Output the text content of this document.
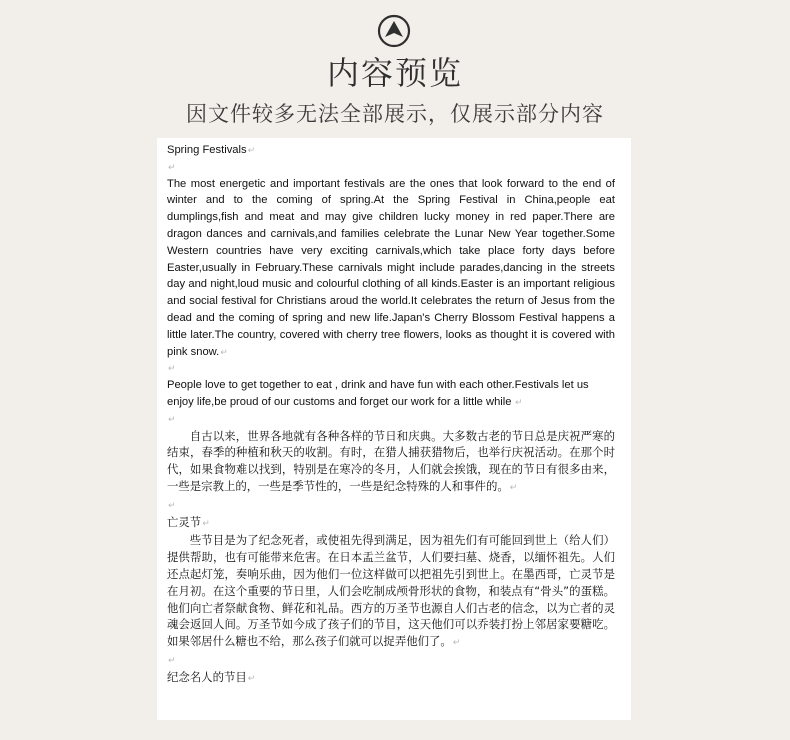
内容预览
因文件较多无法全部展示，仅展示部分内容

Spring Festivals↵

↵

The most energetic and important festivals are the ones that look forward to the end of winter and to the coming of spring.At the Spring Festival in China,people eat dumplings,fish and meat and may give children lucky money in red paper.There are dragon dances and carnivals,and families celebrate the Lunar New Year together.Some Western countries have very exciting carnivals,which take place forty days before Easter,usually in February.These carnivals might include parades,dancing in the streets day and night,loud music and colourful clothing of all kinds.Easter is an important religious and social festival for Christians aroud the world.It celebrates the return of Jesus from the dead and the coming of spring and new life.Japan's Cherry Blossom Festival happens a little later.The country, covered with cherry tree flowers, looks as thought it is covered with pink snow.↵

↵

People love to get together to eat , drink and have fun with each other.Festivals let us enjoy life,be proud of our customs and forget our work for a little while ↵

↵

自古以来，世界各地就有各种各样的节日和庆典。大多数古老的节日总是庆祝严寒的结束，春季的种植和秋天的收割。有时，在猎人捕获猎物后，也举行庆祝活动。在那个时代，如果食物难以找到，特别是在寒冷的冬月，人们就会挨饿，现在的节日有很多由来，一些是宗教上的，一些是季节性的，一些是纪念特殊的人和事件的。↵

↵

亡灵节↵

些节目是为了纪念死者，或使祖先得到满足，因为祖先们有可能回到世上（给人们）提供帮助，也有可能带来危害。在日本盂兰盆节，人们要扫墓、烧香，以缅怀祖先。人们还点起灯笼，奏响乐曲，因为他们一位这样做可以把祖先引到世上。在墨西哥，亡灵节是在月初。在这个重要的节日里，人们会吃制成颅骨形状的食物，和装点有“骨头”的蛋糕。他们向亡者祭献食物、鲜花和礼品。西方的万圣节也源自人们古老的信念，以为亡者的灵魂会返回人间。万圣节如今成了孩子们的节目，这天他们可以乔装打扮上邻居家要糖吃。如果邻居什么糖也不给，那么孩子们就可以捉弄他们了。↵

↵

纪念名人的节目↵
